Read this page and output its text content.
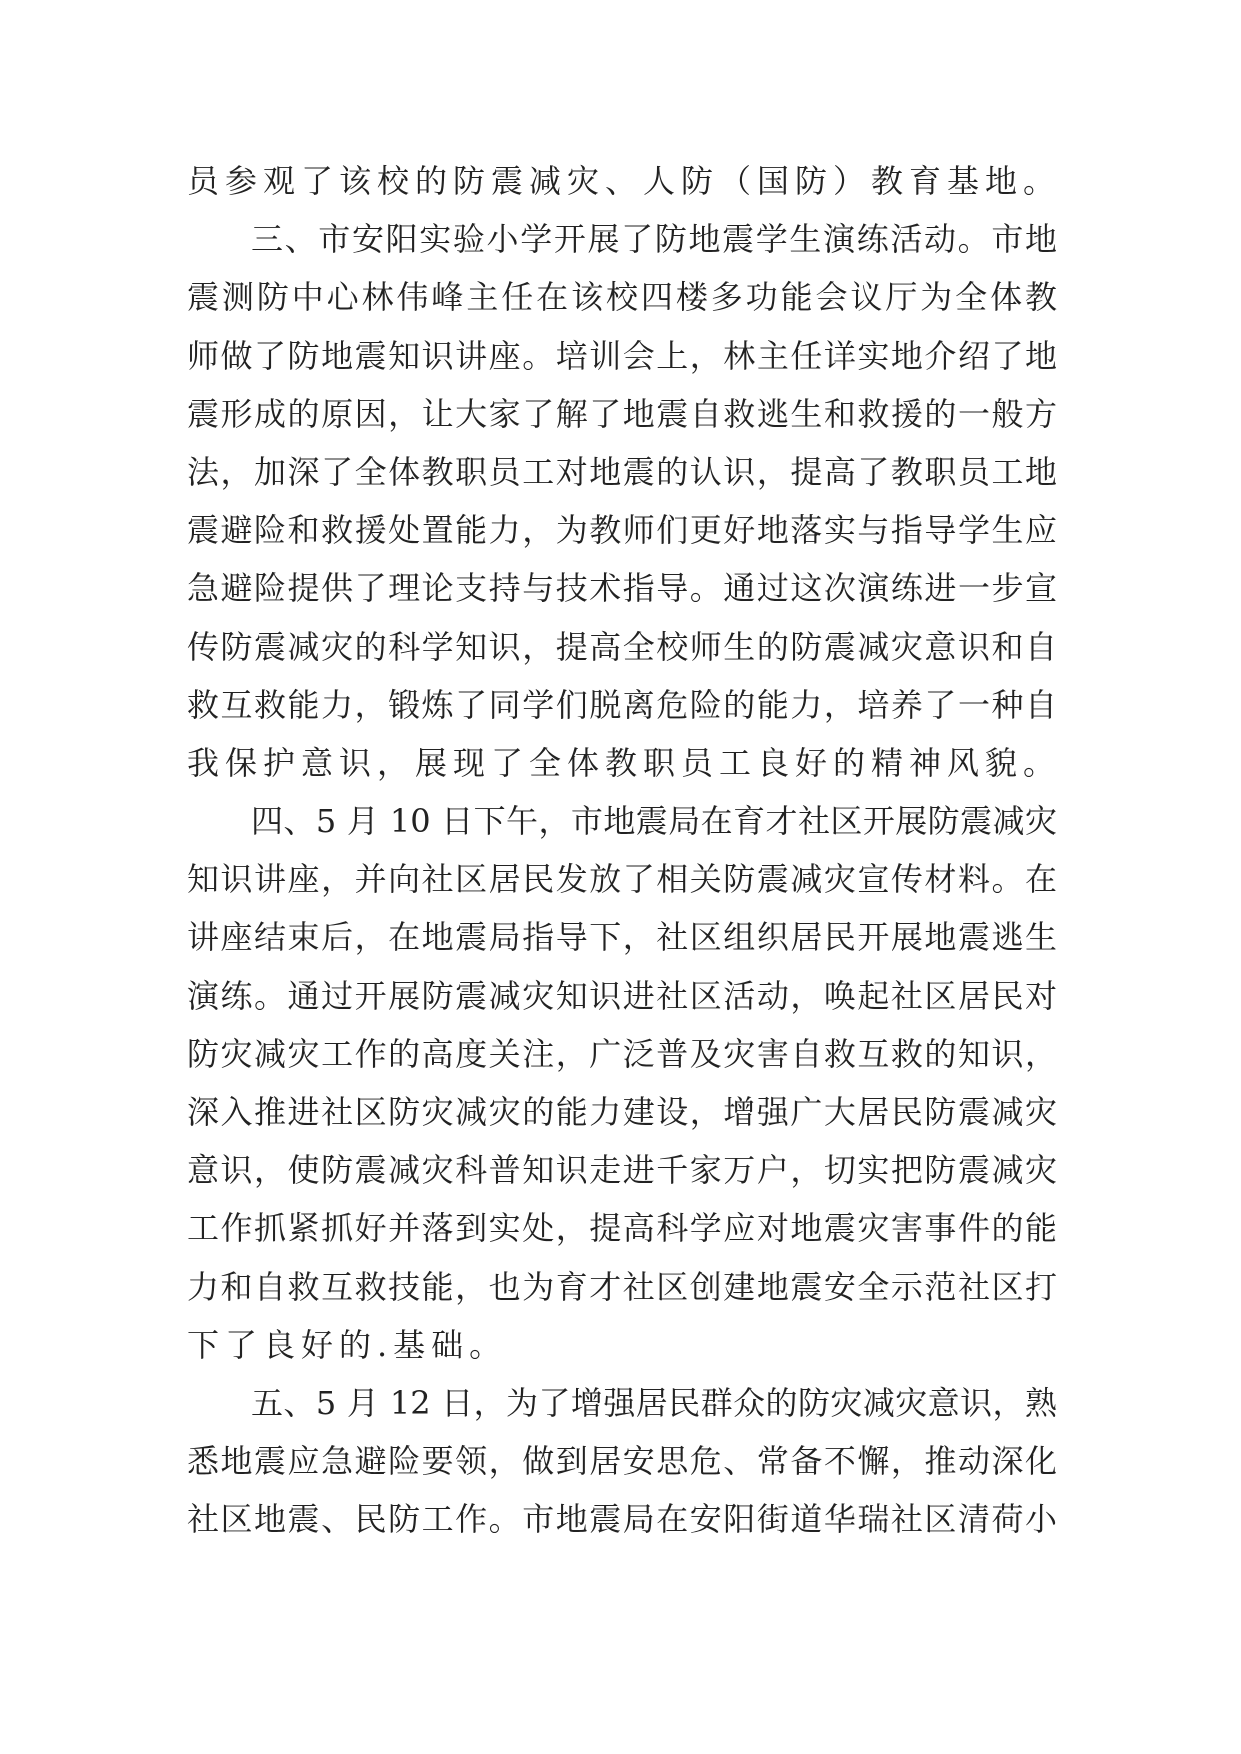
员参观了该校的防震减灾、人防（国防）教育基地。
三、市安阳实验小学开展了防地震学生演练活动。市地
震测防中心林伟峰主任在该校四楼多功能会议厅为全体教
师做了防地震知识讲座。培训会上，林主任详实地介绍了地
震形成的原因，让大家了解了地震自救逃生和救援的一般方
法，加深了全体教职员工对地震的认识，提高了教职员工地
震避险和救援处置能力，为教师们更好地落实与指导学生应
急避险提供了理论支持与技术指导。通过这次演练进一步宣
传防震减灾的科学知识，提高全校师生的防震减灾意识和自
救互救能力，锻炼了同学们脱离危险的能力，培养了一种自
我保护意识，展现了全体教职员工良好的精神风貌。
四、5 月 10 日下午，市地震局在育才社区开展防震减灾
知识讲座，并向社区居民发放了相关防震减灾宣传材料。在
讲座结束后，在地震局指导下，社区组织居民开展地震逃生
演练。通过开展防震减灾知识进社区活动，唤起社区居民对
防灾减灾工作的高度关注，广泛普及灾害自救互救的知识，
深入推进社区防灾减灾的能力建设，增强广大居民防震减灾
意识，使防震减灾科普知识走进千家万户，切实把防震减灾
工作抓紧抓好并落到实处，提高科学应对地震灾害事件的能
力和自救互救技能，也为育才社区创建地震安全示范社区打
下了良好的.基础。
五、5 月 12 日，为了增强居民群众的防灾减灾意识，熟
悉地震应急避险要领，做到居安思危、常备不懈，推动深化
社区地震、民防工作。市地震局在安阳街道华瑞社区清荷小
